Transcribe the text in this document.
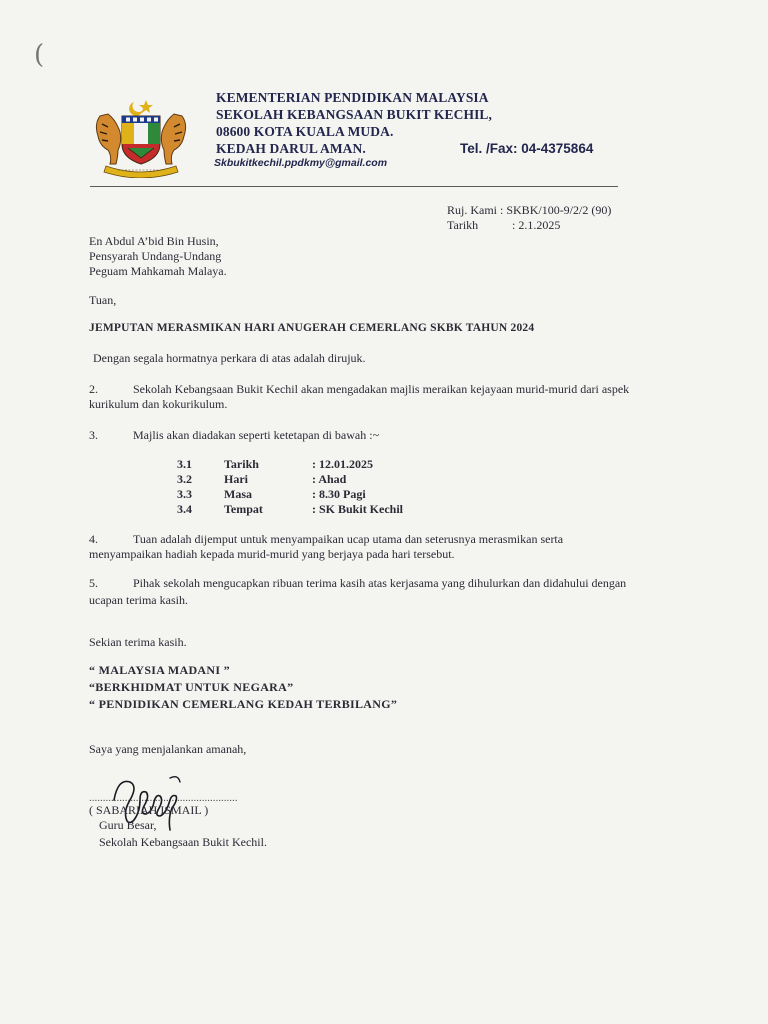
(
KEMENTERIAN PENDIDIKAN MALAYSIA
SEKOLAH KEBANGSAAN BUKIT KECHIL,
08600 KOTA KUALA MUDA.
KEDAH DARUL AMAN.	Tel. /Fax: 04-4375864
Skbukitkechil.ppdkmy@gmail.com
Ruj. Kami : SKBK/100-9/2/2 (90)
Tarikh	: 2.1.2025
En Abdul A’bid Bin Husin,
Pensyarah Undang-Undang
Peguam Mahkamah Malaya.
Tuan,
JEMPUTAN MERASMIKAN HARI ANUGERAH CEMERLANG SKBK TAHUN 2024
Dengan segala hormatnya perkara di atas adalah dirujuk.
2.	Sekolah Kebangsaan Bukit Kechil akan mengadakan majlis meraikan kejayaan murid-murid dari aspek
kurikulum dan kokurikulum.
3.	Majlis akan diadakan seperti ketetapan di bawah :~
3.1	Tarikh	: 12.01.2025
3.2	Hari	: Ahad
3.3	Masa	: 8.30 Pagi
3.4	Tempat	: SK Bukit Kechil
4.	Tuan adalah dijemput untuk menyampaikan ucap utama dan seterusnya merasmikan serta
menyampaikan hadiah kepada murid-murid yang berjaya pada hari tersebut.
5.	Pihak sekolah mengucapkan ribuan terima kasih atas kerjasama yang dihulurkan dan didahului dengan
ucapan terima kasih.
Sekian terima kasih.
“ MALAYSIA MADANI ”
“BERKHIDMAT UNTUK NEGARA”
“ PENDIDIKAN CEMERLANG KEDAH TERBILANG”
Saya yang menjalankan amanah,
......................................................
( SABARIAH ISMAIL )
Guru Besar,
Sekolah Kebangsaan Bukit Kechil.
